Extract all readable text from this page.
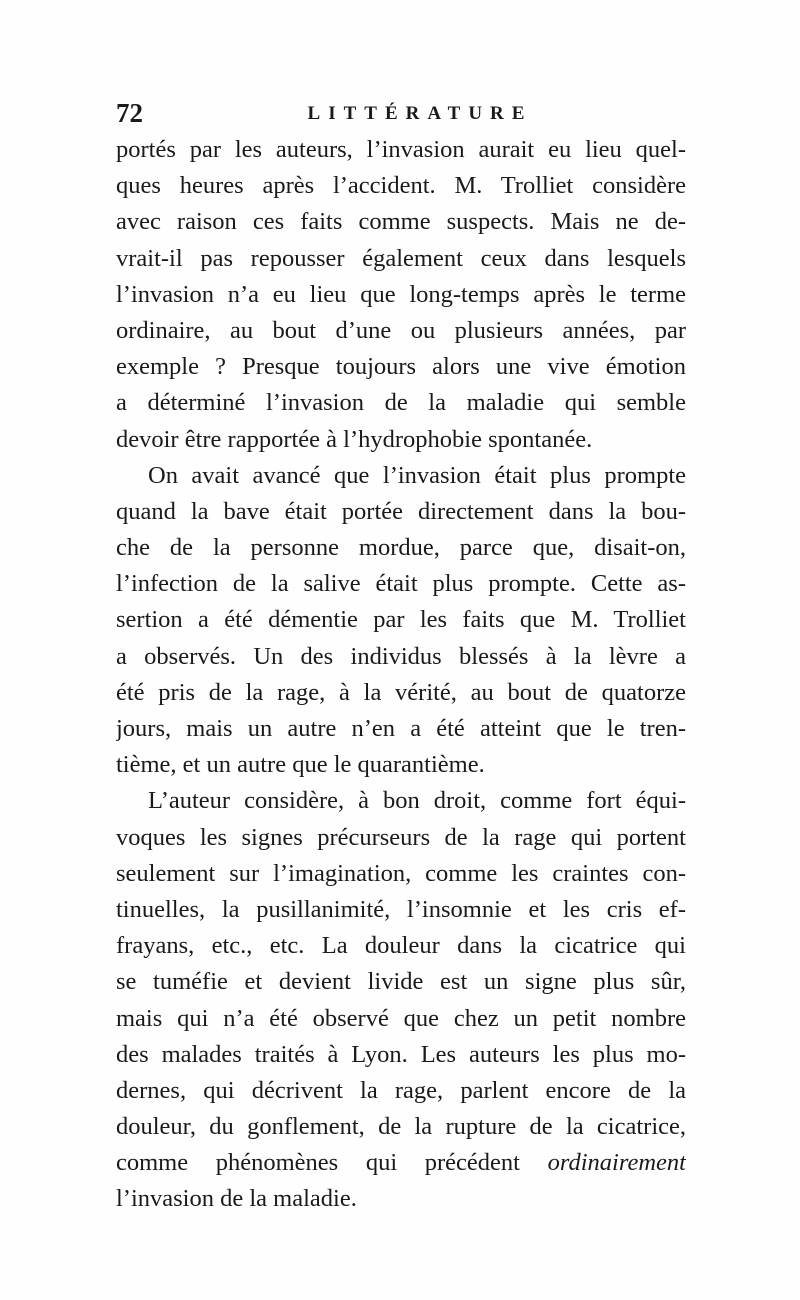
72	LITTÉRATURE
portés par les auteurs, l’invasion aurait eu lieu quel-
ques heures après l’accident. M. Trolliet considère
avec raison ces faits comme suspects. Mais ne de-
vrait-il pas repousser également ceux dans lesquels
l’invasion n’a eu lieu que long-temps après le terme
ordinaire, au bout d’une ou plusieurs années, par
exemple ? Presque toujours alors une vive émotion
a déterminé l’invasion de la maladie qui semble
devoir être rapportée à l’hydrophobie spontanée.
On avait avancé que l’invasion était plus prompte
quand la bave était portée directement dans la bou-
che de la personne mordue, parce que, disait-on,
l’infection de la salive était plus prompte. Cette as-
sertion a été démentie par les faits que M. Trolliet
a observés. Un des individus blessés à la lèvre a
été pris de la rage, à la vérité, au bout de quatorze
jours, mais un autre n’en a été atteint que le tren-
tième, et un autre que le quarantième.
L’auteur considère, à bon droit, comme fort équi-
voques les signes précurseurs de la rage qui portent
seulement sur l’imagination, comme les craintes con-
tinuelles, la pusillanimité, l’insomnie et les cris ef-
frayans, etc., etc. La douleur dans la cicatrice qui
se tuméfie et devient livide est un signe plus sûr,
mais qui n’a été observé que chez un petit nombre
des malades traités à Lyon. Les auteurs les plus mo-
dernes, qui décrivent la rage, parlent encore de la
douleur, du gonflement, de la rupture de la cicatrice,
comme phénomènes qui précédent ordinairement
l’invasion de la maladie.
